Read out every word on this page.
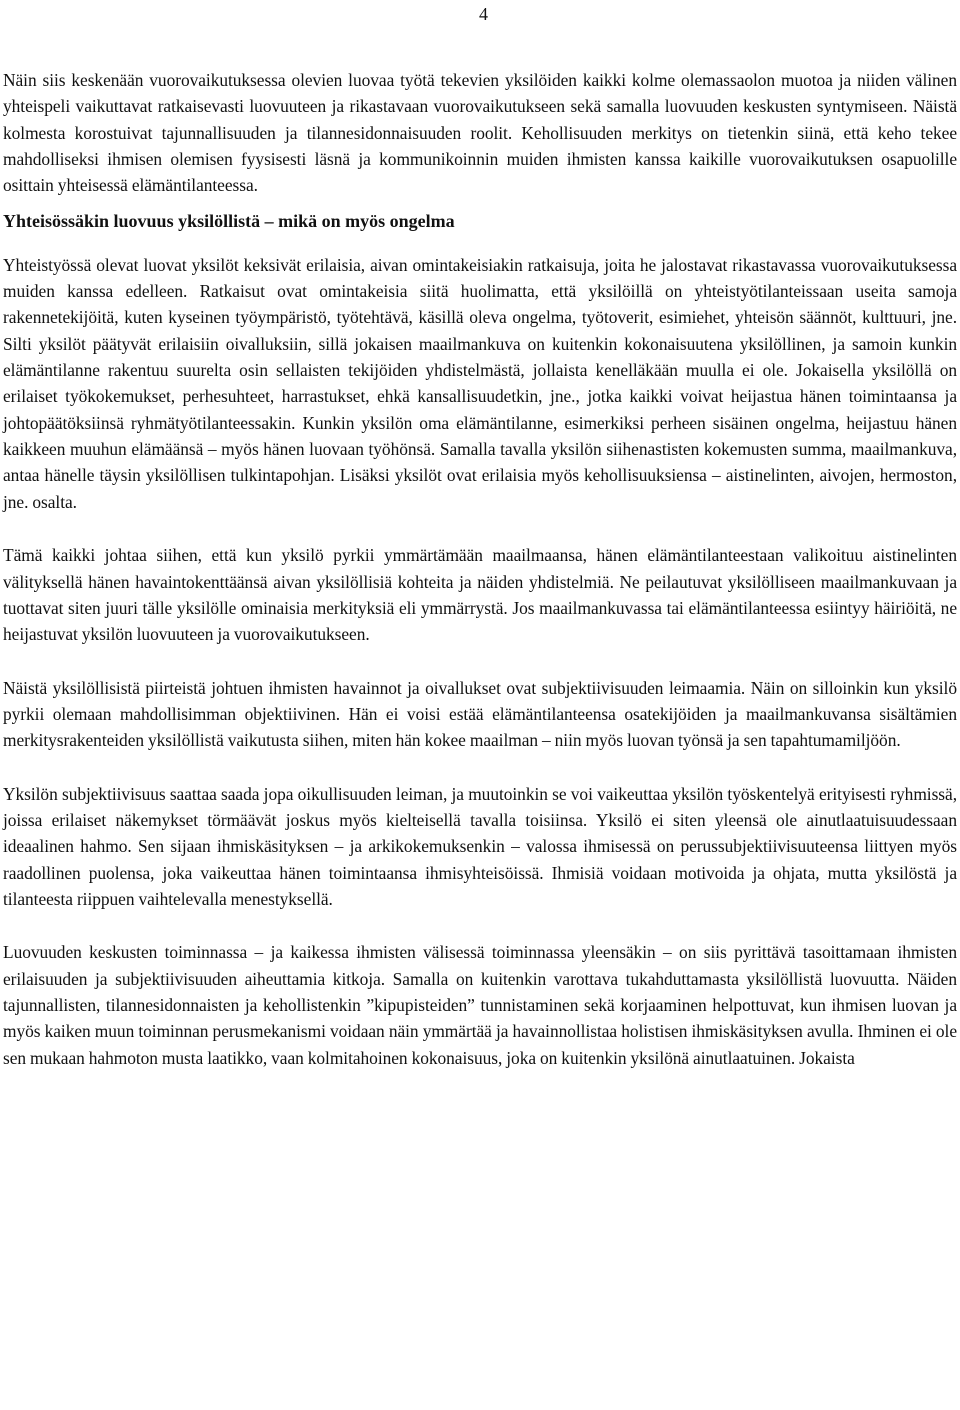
4

Näin siis keskenään vuorovaikutuksessa olevien luovaa työtä tekevien yksilöiden kaikki kolme olemassaolon muotoa ja niiden välinen yhteispeli vaikuttavat ratkaisevasti luovuuteen ja rikastavaan vuorovaikutukseen sekä samalla luovuuden keskusten syntymiseen. Näistä kolmesta korostuivat tajunnallisuuden ja tilannesidonnaisuuden roolit. Kehollisuuden merkitys on tietenkin siinä, että keho tekee mahdolliseksi ihmisen olemisen fyysisesti läsnä ja kommunikoinnin muiden ihmisten kanssa kaikille vuorovaikutuksen osapuolille osittain yhteisessä elämäntilanteessa.

Yhteisössäkin luovuus yksilöllistä – mikä on myös ongelma

Yhteistyössä olevat luovat yksilöt keksivät erilaisia, aivan omintakeisiakin ratkaisuja, joita he jalostavat rikastavassa vuorovaikutuksessa muiden kanssa edelleen. Ratkaisut ovat omintakeisia siitä huolimatta, että yksilöillä on yhteistyötilanteissaan useita samoja rakennetekijöitä, kuten kyseinen työympäristö, työtehtävä, käsillä oleva ongelma, työtoverit, esimiehet, yhteisön säännöt, kulttuuri, jne. Silti yksilöt päätyvät erilaisiin oivalluksiin, sillä jokaisen maailmankuva on kuitenkin kokonaisuutena yksilöllinen, ja samoin kunkin elämäntilanne rakentuu suurelta osin sellaisten tekijöiden yhdistelmästä, jollaista kenelläkään muulla ei ole. Jokaisella yksilöllä on erilaiset työkokemukset, perhesuhteet, harrastukset, ehkä kansallisuudetkin, jne., jotka kaikki voivat heijastua hänen toimintaansa ja johtopäätöksiinsä ryhmätyötilanteessakin. Kunkin yksilön oma elämäntilanne, esimerkiksi perheen sisäinen ongelma, heijastuu hänen kaikkeen muuhun elämäänsä – myös hänen luovaan työhönsä. Samalla tavalla yksilön siihenastisten kokemusten summa, maailmankuva, antaa hänelle täysin yksilöllisen tulkintapohjan. Lisäksi yksilöt ovat erilaisia myös kehollisuuksiensa – aistinelinten, aivojen, hermoston, jne. osalta.

Tämä kaikki johtaa siihen, että kun yksilö pyrkii ymmärtämään maailmaansa, hänen elämäntilanteestaan valikoituu aistinelinten välityksellä hänen havaintokenttäänsä aivan yksilöllisiä kohteita ja näiden yhdistelmiä. Ne peilautuvat yksilölliseen maailmankuvaan ja tuottavat siten juuri tälle yksilölle ominaisia merkityksiä eli ymmärrystä. Jos maailmankuvassa tai elämäntilanteessa esiintyy häiriöitä, ne heijastuvat yksilön luovuuteen ja vuorovaikutukseen.

Näistä yksilöllisistä piirteistä johtuen ihmisten havainnot ja oivallukset ovat subjektiivisuuden leimaamia. Näin on silloinkin kun yksilö pyrkii olemaan mahdollisimman objektiivinen. Hän ei voisi estää elämäntilanteensa osatekijöiden ja maailmankuvansa sisältämien merkitysrakenteiden yksilöllistä vaikutusta siihen, miten hän kokee maailman – niin myös luovan työnsä ja sen tapahtumamiljöön.

Yksilön subjektiivisuus saattaa saada jopa oikullisuuden leiman, ja muutoinkin se voi vaikeuttaa yksilön työskentelyä erityisesti ryhmissä, joissa erilaiset näkemykset törmäävät joskus myös kielteisellä tavalla toisiinsa. Yksilö ei siten yleensä ole ainutlaatuisuudessaan ideaalinen hahmo. Sen sijaan ihmiskäsityksen – ja arkikokemuksenkin – valossa ihmisessä on perussubjektiivisuuteensa liittyen myös raadollinen puolensa, joka vaikeuttaa hänen toimintaansa ihmisyhteisöissä. Ihmisiä voidaan motivoida ja ohjata, mutta yksilöstä ja tilanteesta riippuen vaihtelevalla menestyksellä.

Luovuuden keskusten toiminnassa – ja kaikessa ihmisten välisessä toiminnassa yleensäkin – on siis pyrittävä tasoittamaan ihmisten erilaisuuden ja subjektiivisuuden aiheuttamia kitkoja. Samalla on kuitenkin varottava tukahduttamasta yksilöllistä luovuutta. Näiden tajunnallisten, tilannesidonnaisten ja kehollistenkin ”kipupisteiden” tunnistaminen sekä korjaaminen helpottuvat, kun ihmisen luovan ja myös kaiken muun toiminnan perusmekanismi voidaan näin ymmärtää ja havainnollistaa holistisen ihmiskäsityksen avulla. Ihminen ei ole sen mukaan hahmoton musta laatikko, vaan kolmitahoinen kokonaisuus, joka on kuitenkin yksilönä ainutlaatuinen. Jokaista
